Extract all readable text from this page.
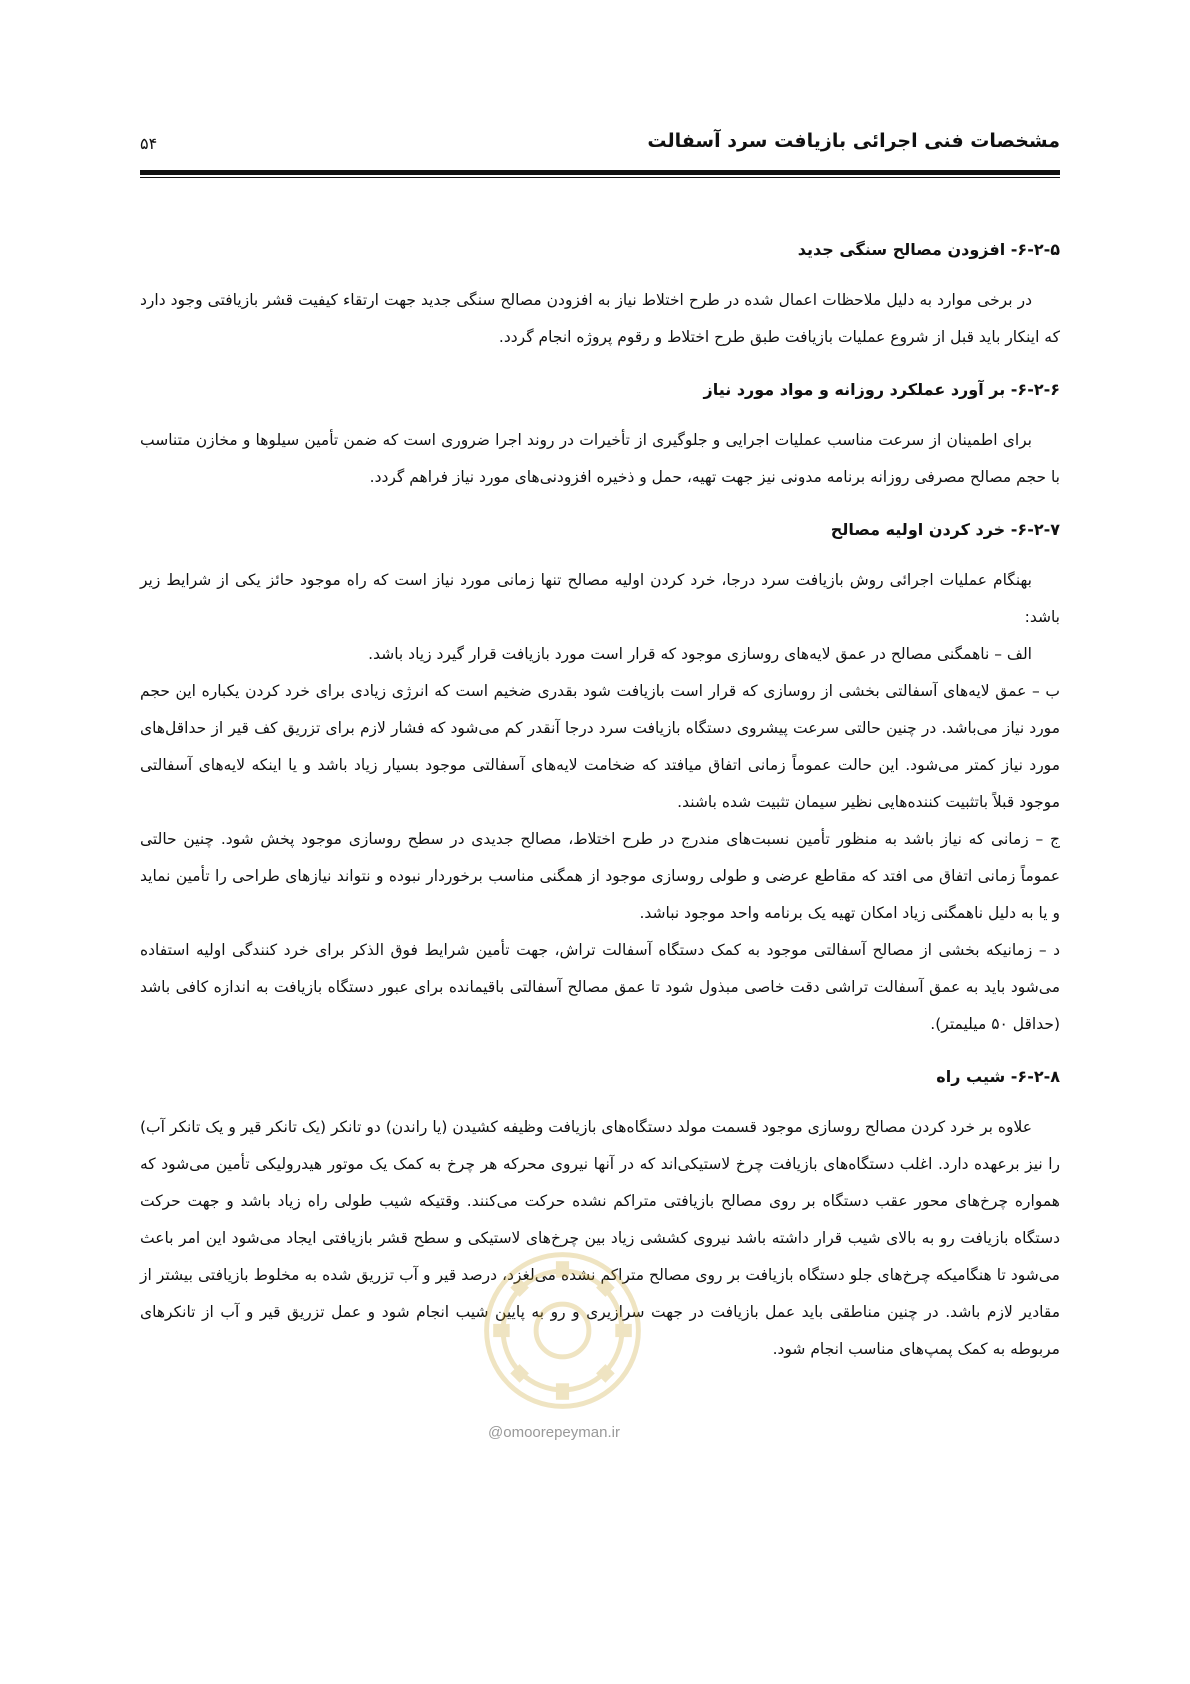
مشخصات فنی اجرائی بازیافت سرد آسفالت
۵۴
۶-۲-۵- افزودن مصالح سنگی جدید

در برخی موارد به دلیل ملاحظات اعمال شده در طرح اختلاط نیاز به افزودن مصالح سنگی جدید جهت ارتقاء کیفیت قشر بازیافتی وجود دارد که اینکار باید قبل از شروع عملیات بازیافت طبق طرح اختلاط و رقوم پروژه انجام گردد.

۶-۲-۶- بر آورد عملکرد روزانه و مواد مورد نیاز

برای اطمینان از سرعت مناسب عملیات اجرایی و جلوگیری از تأخیرات در روند اجرا ضروری است که ضمن تأمین سیلوها و مخازن متناسب با حجم مصالح مصرفی روزانه برنامه مدونی نیز جهت تهیه، حمل و ذخیره افزودنی‌های مورد نیاز فراهم گردد.

۶-۲-۷- خرد کردن اولیه مصالح

بهنگام عملیات اجرائی روش بازیافت سرد درجا، خرد کردن اولیه مصالح تنها زمانی مورد نیاز است که راه موجود حائز یکی از شرایط زیر باشد:

الف – ناهمگنی مصالح در عمق لایه‌های روسازی موجود که قرار است مورد بازیافت قرار گیرد زیاد باشد.

ب – عمق لایه‌های آسفالتی بخشی از روسازی که قرار است بازیافت شود بقدری ضخیم است که انرژی زیادی برای خرد کردن یکباره این حجم مورد نیاز می‌باشد. در چنین حالتی سرعت پیشروی دستگاه بازیافت سرد درجا آنقدر کم می‌شود که فشار لازم برای تزریق کف قیر از حداقل‌های مورد نیاز کمتر می‌شود. این حالت عموماً زمانی اتفاق میافتد که ضخامت لایه‌های آسفالتی موجود بسیار زیاد باشد و یا اینکه لایه‌های آسفالتی موجود قبلاً باتثبیت کننده‌هایی نظیر سیمان تثبیت شده باشند.

ج – زمانی که نیاز باشد به منظور تأمین نسبت‌های مندرج در طرح اختلاط، مصالح جدیدی در سطح روسازی موجود پخش شود. چنین حالتی عموماً زمانی اتفاق می افتد که مقاطع عرضی و طولی روسازی موجود از همگنی مناسب برخوردار نبوده و نتواند نیازهای طراحی را تأمین نماید و یا به دلیل ناهمگنی زیاد امکان تهیه یک برنامه واحد موجود نباشد.

د – زمانیکه بخشی از مصالح آسفالتی موجود به کمک دستگاه آسفالت تراش، جهت تأمین شرایط فوق الذکر برای خرد کنندگی اولیه استفاده می‌شود باید به عمق آسفالت تراشی دقت خاصی مبذول شود تا عمق مصالح آسفالتی باقیمانده برای عبور دستگاه بازیافت به اندازه کافی باشد (حداقل ۵۰ میلیمتر).

۶-۲-۸- شیب راه

علاوه بر خرد کردن مصالح روسازی موجود قسمت مولد دستگاه‌های بازیافت وظیفه کشیدن (یا راندن) دو تانکر (یک تانکر قیر و یک تانکر آب) را نیز برعهده دارد. اغلب دستگاه‌های بازیافت چرخ لاستیکی‌اند که در آنها نیروی محرکه هر چرخ به کمک یک موتور هیدرولیکی تأمین می‌شود که همواره چرخ‌های محور عقب دستگاه بر روی مصالح بازیافتی متراکم نشده حرکت می‌کنند. وقتیکه شیب طولی راه زیاد باشد و جهت حرکت دستگاه بازیافت رو به بالای شیب قرار داشته باشد نیروی کششی زیاد بین چرخ‌های لاستیکی و سطح قشر بازیافتی ایجاد می‌شود این امر باعث می‌شود تا هنگامیکه چرخ‌های جلو دستگاه بازیافت بر روی مصالح متراکم نشده می‌لغزد، درصد قیر و آب تزریق شده به مخلوط بازیافتی بیشتر از مقادیر لازم باشد. در چنین مناطقی باید عمل بازیافت در جهت سرازیری و رو به پایین شیب انجام شود و عمل تزریق قیر و آب از تانکرهای مربوطه به کمک پمپ‌های مناسب انجام شود.

@omoorepeyman.ir
